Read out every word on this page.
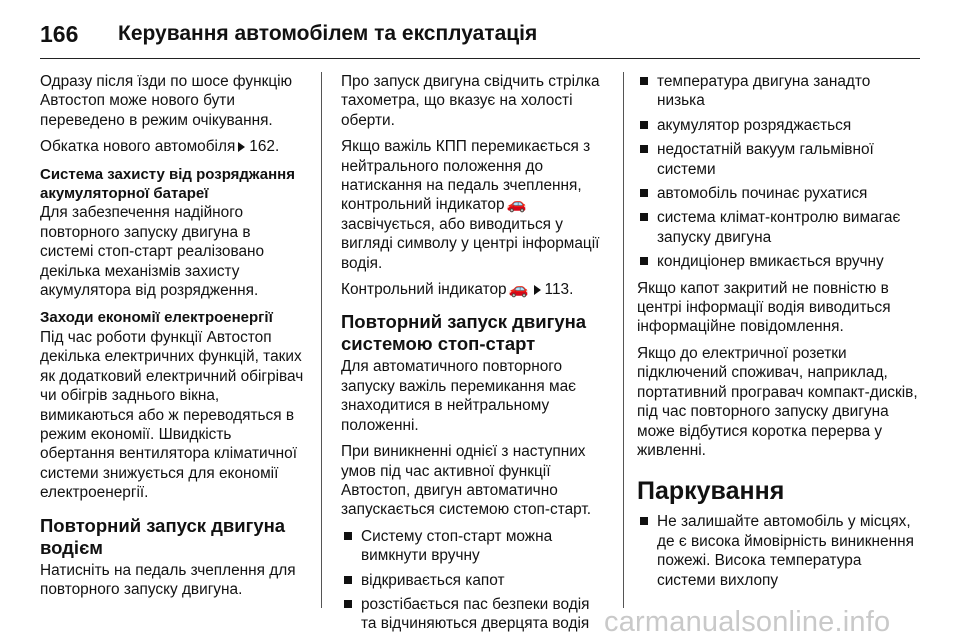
166	Керування автомобілем та експлуатація

Одразу після їзди по шосе функцію Автостоп може нового бути переведено в режим очікування.

Обкатка нового автомобіля 162.

Система захисту від розряджання акумуляторної батареї

Для забезпечення надійного повторного запуску двигуна в системі стоп-старт реалізовано декілька механізмів захисту акумулятора від розрядження.

Заходи економії електроенергії

Під час роботи функції Автостоп декілька електричних функцій, таких як додатковий електричний обігрівач чи обігрів заднього вікна, вимикаються або ж переводяться в режим економії. Швидкість обертання вентилятора кліматичної системи знижується для економії електроенергії.

Повторний запуск двигуна водієм

Натисніть на педаль зчеплення для повторного запуску двигуна.

Про запуск двигуна свідчить стрілка тахометра, що вказує на холості оберти.

Якщо важіль КПП перемикається з нейтрального положення до натискання на педаль зчеплення, контрольний індикатор 🚗 засвічується, або виводиться у вигляді символу у центрі інформації водія.

Контрольний індикатор 🚗 113.

Повторний запуск двигуна системою стоп-старт

Для автоматичного повторного запуску важіль перемикання має знаходитися в нейтральному положенні.

При виникненні однієї з наступних умов під час активної функції Автостоп, двигун автоматично запускається системою стоп-старт.

Систему стоп-старт можна вимкнути вручну
відкривається капот
розстібається пас безпеки водія та відчиняються дверцята водія
температура двигуна занадто низька
акумулятор розряджається
недостатній вакуум гальмівної системи
автомобіль починає рухатися
система клімат-контролю вимагає запуску двигуна
кондиціонер вмикається вручну

Якщо капот закритий не повністю в центрі інформації водія виводиться інформаційне повідомлення.

Якщо до електричної розетки підключений споживач, наприклад, портативний програвач компакт-дисків, під час повторного запуску двигуна може відбутися коротка перерва у живленні.

Паркування
Не залишайте автомобіль у місцях, де є висока ймовірність виникнення пожежі. Висока температура системи вихлопу
carmanualsonline.info
